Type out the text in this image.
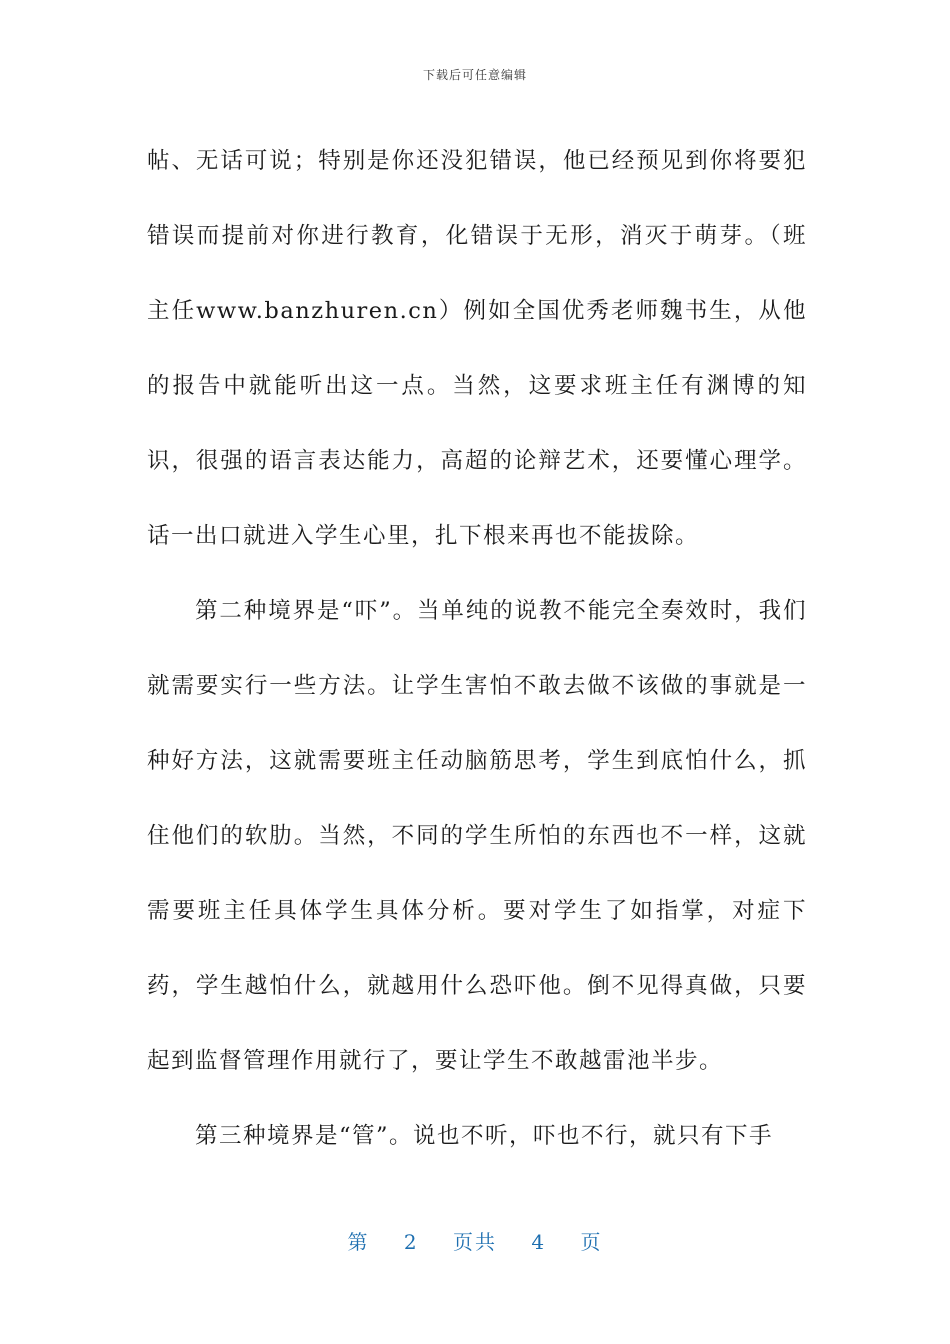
下载后可任意编辑

帖、无话可说；特别是你还没犯错误，他已经预见到你将要犯错误而提前对你进行教育，化错误于无形，消灭于萌芽。（班主任www.banzhuren.cn）例如全国优秀老师魏书生，从他的报告中就能听出这一点。当然，这要求班主任有渊博的知识，很强的语言表达能力，高超的论辩艺术，还要懂心理学。话一出口就进入学生心里，扎下根来再也不能拔除。

第二种境界是“吓”。当单纯的说教不能完全奏效时，我们就需要实行一些方法。让学生害怕不敢去做不该做的事就是一种好方法，这就需要班主任动脑筋思考，学生到底怕什么，抓住他们的软肋。当然，不同的学生所怕的东西也不一样，这就需要班主任具体学生具体分析。要对学生了如指掌，对症下药，学生越怕什么，就越用什么恐吓他。倒不见得真做，只要起到监督管理作用就行了，要让学生不敢越雷池半步。

第三种境界是“管”。说也不听，吓也不行，就只有下手

第 2 页共 4 页
